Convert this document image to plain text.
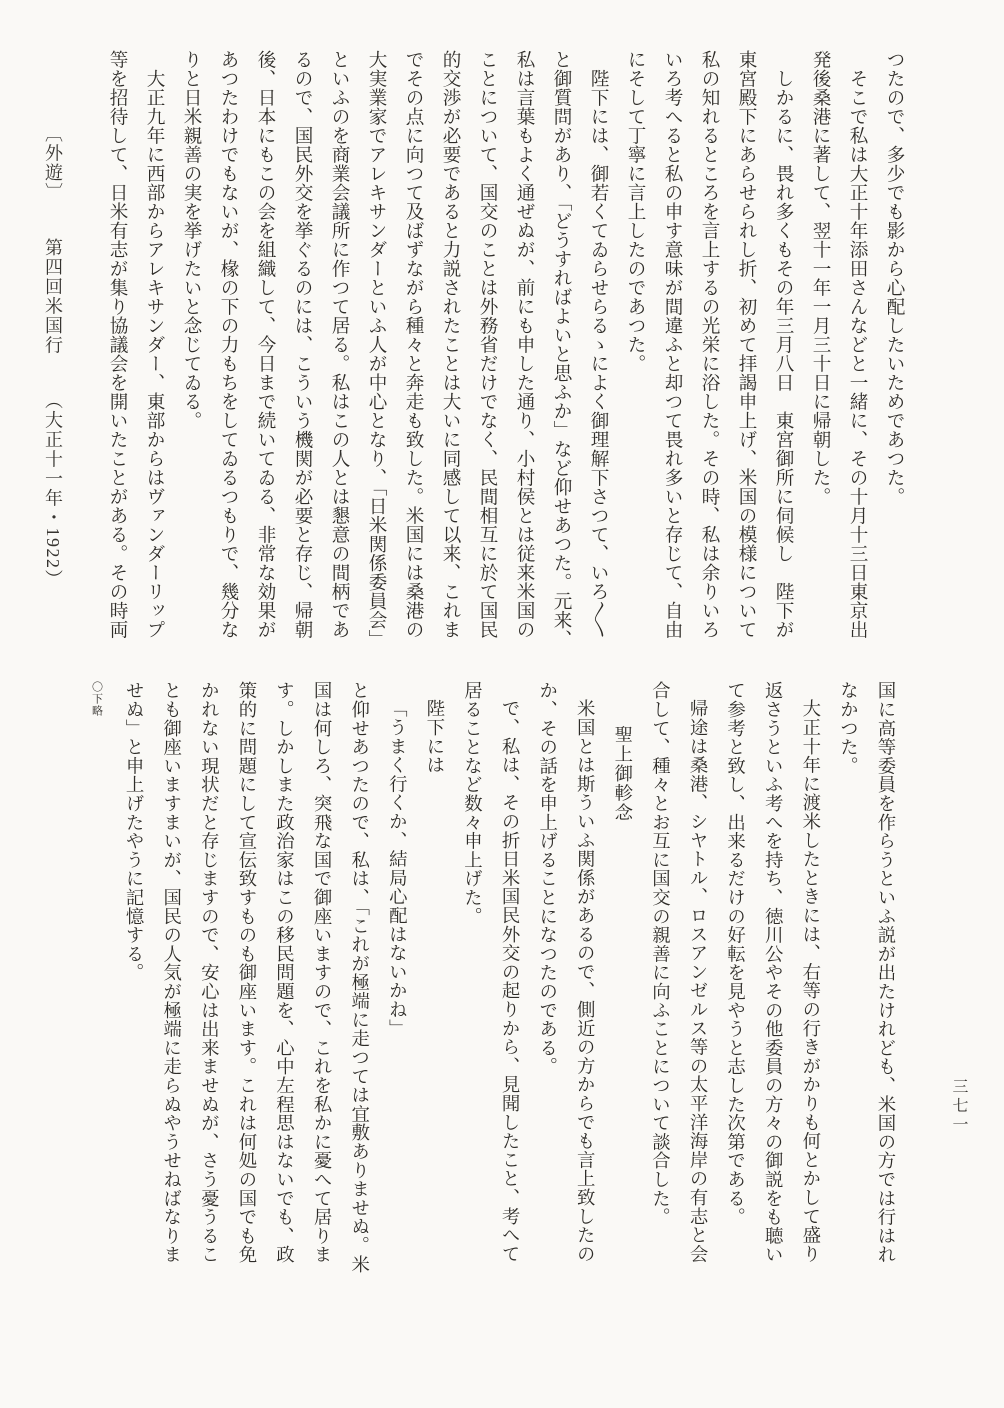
つたので、多少でも影から心配したいためであつた。
そこで私は大正十年添田さんなどと一緒に、その十月十三日東京出
発後桑港に著して、翌十一年一月三十日に帰朝した。
しかるに、畏れ多くもその年三月八日　東宮御所に伺候し　陛下が
東宮殿下にあらせられし折、初めて拝謁申上げ、米国の模様について
私の知れるところを言上するの光栄に浴した。その時、私は余りいろ
いろ考へると私の申す意味が間違ふと却つて畏れ多いと存じて、自由
にそして丁寧に言上したのであつた。
陛下には、御若くてゐらせらるゝによく御理解下さつて、いろ〱
と御質問があり、「どうすればよいと思ふか」など仰せあつた。元来、
私は言葉もよく通ぜぬが、前にも申した通り、小村侯とは従来米国の
ことについて、国交のことは外務省だけでなく、民間相互に於て国民
的交渉が必要であると力説されたことは大いに同感して以来、これま
でその点に向つて及ばずながら種々と奔走も致した。米国には桑港の
大実業家でアレキサンダーといふ人が中心となり、「日米関係委員会」
といふのを商業会議所に作つて居る。私はこの人とは懇意の間柄であ
るので、国民外交を挙ぐるのには、こういう機関が必要と存じ、帰朝
後、日本にもこの会を組織して、今日まで続いてゐる、非常な効果が
あつたわけでもないが、椽の下の力もちをしてゐるつもりで、幾分な
りと日米親善の実を挙げたいと念じてゐる。
大正九年に西部からアレキサンダー、東部からはヴァンダーリップ
等を招待して、日米有志が集り協議会を開いたことがある。その時両
〔外遊〕 第四回米国行 （大正十一年・1922）
国に高等委員を作らうといふ説が出たけれども、米国の方では行はれ
なかつた。
大正十年に渡米したときには、右等の行きがかりも何とかして盛り
返さうといふ考へを持ち、徳川公やその他委員の方々の御説をも聴い
て参考と致し、出来るだけの好転を見やうと志した次第である。
帰途は桑港、シヤトル、ロスアンゼルス等の太平洋海岸の有志と会
合して、種々とお互に国交の親善に向ふことについて談合した。
聖上御軫念
米国とは斯ういふ関係があるので、側近の方からでも言上致したの
か、その話を申上げることになつたのである。
で、私は、その折日米国民外交の起りから、見聞したこと、考へて
居ることなど数々申上げた。
陛下には
「うまく行くか、結局心配はないかね」
と仰せあつたので、私は、「これが極端に走つては宜敷ありませぬ。米
国は何しろ、突飛な国で御座いますので、これを私かに憂へて居りま
す。しかしまた政治家はこの移民問題を、心中左程思はないでも、政
策的に問題にして宣伝致すものも御座います。これは何処の国でも免
かれない現状だと存じますので、安心は出来ませぬが、さう憂うるこ
とも御座いますまいが、国民の人気が極端に走らぬやうせねばなりま
せぬ」と申上げたやうに記憶する。
〇下略
三七一
